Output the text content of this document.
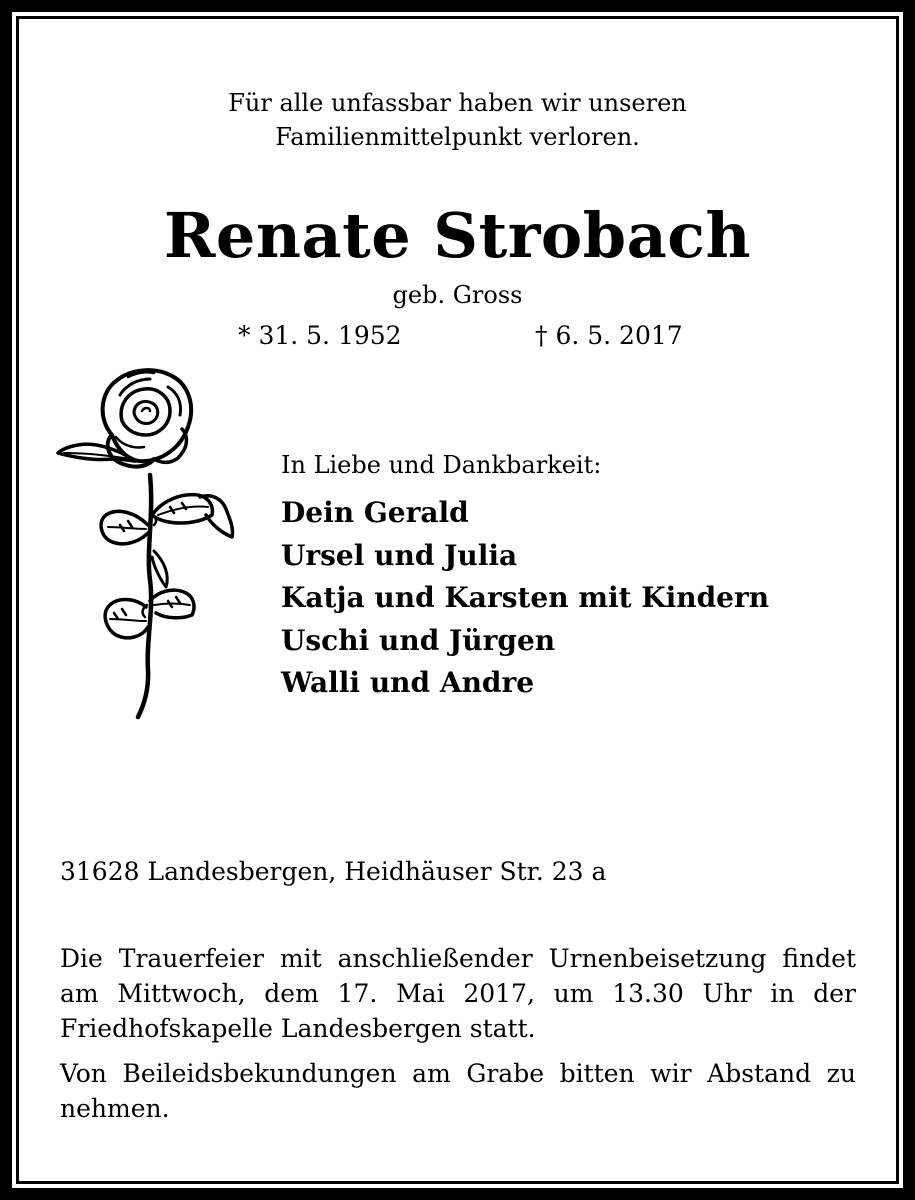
Für alle unfassbar haben wir unseren
Familienmittelpunkt verloren.
Renate Strobach
geb. Gross
* 31. 5. 1952	† 6. 5. 2017
In Liebe und Dankbarkeit:
Dein Gerald
Ursel und Julia
Katja und Karsten mit Kindern
Uschi und Jürgen
Walli und Andre
31628 Landesbergen, Heidhäuser Str. 23 a
Die Trauerfeier mit anschließender Urnenbeisetzung findet am Mittwoch, dem 17. Mai 2017, um 13.30 Uhr in der Friedhofskapelle Landesbergen statt.
Von Beileidsbekundungen am Grabe bitten wir Abstand zu nehmen.
